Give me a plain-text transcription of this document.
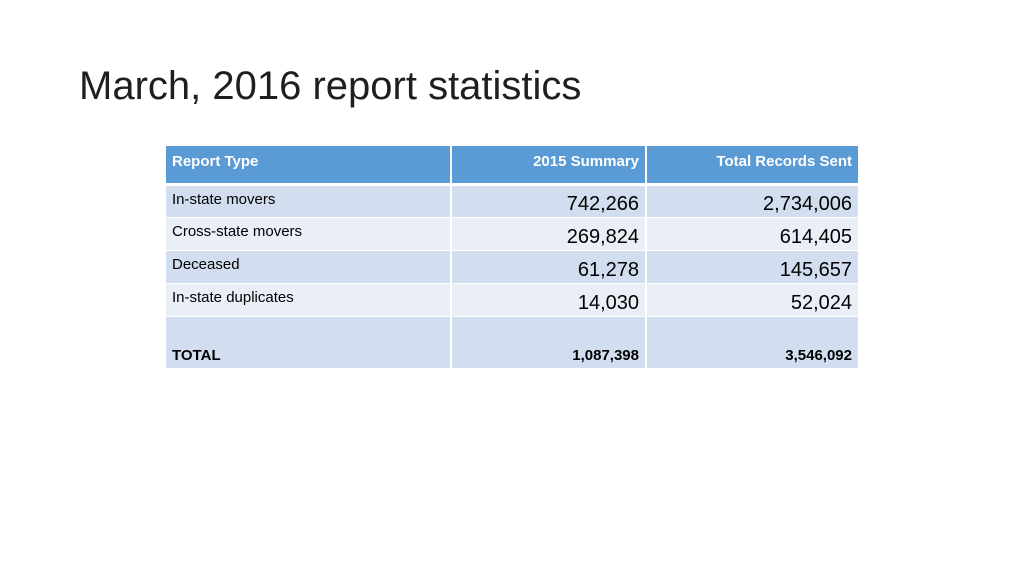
March, 2016 report statistics
Report Type	2015 Summary	Total Records Sent
In-state movers	742,266	2,734,006
Cross-state movers	269,824	614,405
Deceased	61,278	145,657
In-state duplicates	14,030	52,024
TOTAL	1,087,398	3,546,092
